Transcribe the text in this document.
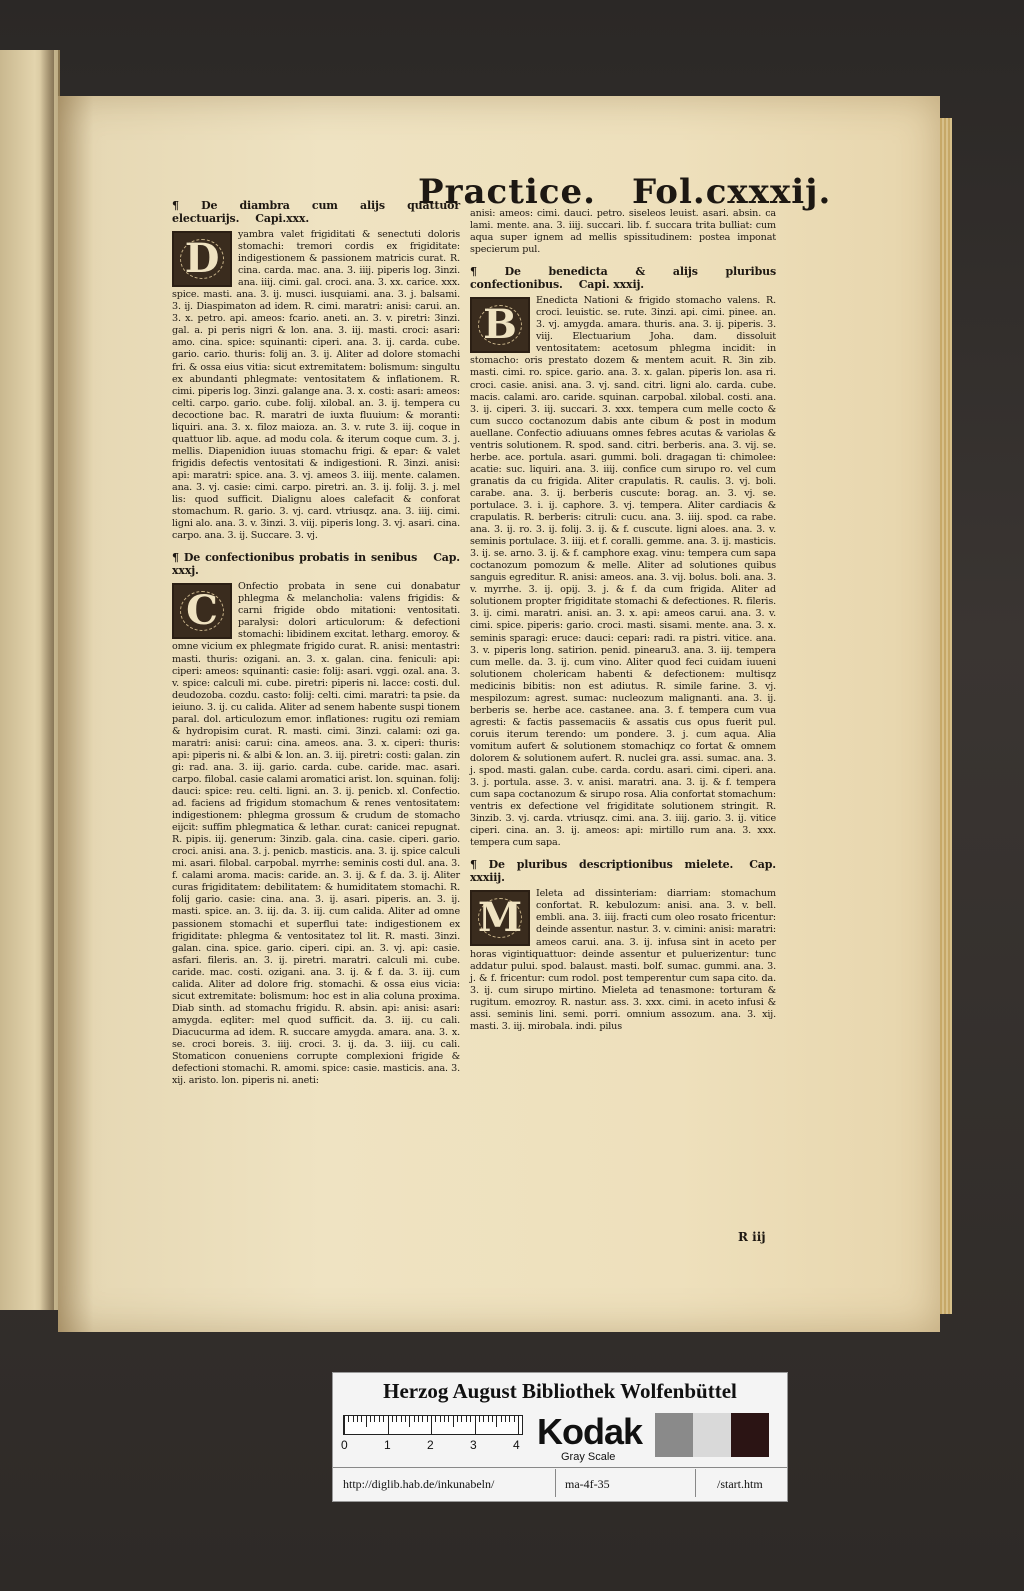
Practice. Fol.cxxxij.

¶ De diambra cum alijs quattuor electuarijs. Capi.xxx.

D
yambra valet frigiditati & senectuti doloris stomachi: tremori cordis ex frigiditate: indigestionem & passionem matricis curat. R. cina. carda. mac. ana. 3. iiij. piperis log. 3inzi. ana. iiij. cimi. gal. croci. ana. 3. xx. carice. xxx. spice. masti. ana. 3. ij. musci. iusquiami. ana. 3. j. balsami. 3. ij. Diaspimaton ad idem. R. cimi. maratri: anisi: carui. an. 3. x. petro. api. ameos: fcario. aneti. an. 3. v. piretri: 3inzi. gal. a. pi peris nigri & lon. ana. 3. iij. masti. croci: asari: amo. cina. spice: squinanti: ciperi. ana. 3. ij. carda. cube. gario. cario. thuris: folij an. 3. ij. Aliter ad dolore stomachi fri. & ossa eius vitia: sicut extremitatem: bolismum: singultu ex abundanti phlegmate: ventositatem & inflationem. R. cimi. piperis log. 3inzi. galange ana. 3. x. costi: asari: ameos: celti. carpo. gario. cube. folij. xilobal. an. 3. ij. tempera cu decoctione bac. R. maratri de iuxta fluuium: & moranti: liquiri. ana. 3. x. filoz maioza. an. 3. v. rute 3. iij. coque in quattuor lib. aque. ad modu cola. & iterum coque cum. 3. j. mellis. Diapenidion iuuas stomachu frigi. & epar: & valet frigidis defectis ventositati & indigestioni. R. 3inzi. anisi: api: maratri: spice. ana. 3. vj. ameos 3. iiij. mente. calamen. ana. 3. vj. casie: cimi. carpo. piretri. an. 3. ij. folij. 3. j. mel lis: quod sufficit. Dialignu aloes calefacit & conforat stomachum. R. gario. 3. vj. card. vtriusqz. ana. 3. iiij. cimi. ligni alo. ana. 3. v. 3inzi. 3. viij. piperis long. 3. vj. asari. cina. carpo. ana. 3. ij. Succare. 3. vj.

¶ De confectionibus probatis in senibus Cap. xxxj.

C
Onfectio probata in sene cui donabatur phlegma & melancholia: valens frigidis: & carni frigide obdo mitationi: ventositati. paralysi: dolori articulorum: & defectioni stomachi: libidinem excitat. letharg. emoroy. & omne vicium ex phlegmate frigido curat. R. anisi: mentastri: masti. thuris: ozigani. an. 3. x. galan. cina. feniculi: api: ciperi: ameos: squinanti: casie: folij: asari. vggi. ozal. ana. 3. v. spice: calculi mi. cube. piretri: piperis ni. lacce: costi. dul. deudozoba. cozdu. casto: folij: celti. cimi. maratri: ta psie. da ieiuno. 3. ij. cu calida. Aliter ad senem habente suspi tionem paral. dol. articulozum emor. inflationes: rugitu ozi remiam & hydropisim curat. R. masti. cimi. 3inzi. calami: ozi ga. maratri: anisi: carui: cina. ameos. ana. 3. x. ciperi: thuris: api: piperis ni. & albi & lon. an. 3. iij. piretri: costi: galan. zin gi: rad. ana. 3. iij. gario. carda. cube. caride. mac. asari. carpo. filobal. casie calami aromatici arist. lon. squinan. folij: dauci: spice: reu. celti. ligni. an. 3. ij. penicb. xl. Confectio. ad. faciens ad frigidum stomachum & renes ventositatem: indigestionem: phlegma grossum & crudum de stomacho eijcit: suffim phlegmatica & lethar. curat: canicei repugnat. R. pipis. iij. generum: 3inzib. gala. cina. casie. ciperi. gario. croci. anisi. ana. 3. j. penicb. masticis. ana. 3. ij. spice calculi mi. asari. filobal. carpobal. myrrhe: seminis costi dul. ana. 3. f. calami aroma. macis: caride. an. 3. ij. & f. da. 3. ij. Aliter curas frigiditatem: debilitatem: & humiditatem stomachi. R. folij gario. casie: cina. ana. 3. ij. asari. piperis. an. 3. ij. masti. spice. an. 3. iij. da. 3. iij. cum calida. Aliter ad omne passionem stomachi et superflui tate: indigestionem ex frigiditate: phlegma & ventositatez tol lit. R. masti. 3inzi. galan. cina. spice. gario. ciperi. cipi. an. 3. vj. api: casie. asfari. fileris. an. 3. ij. piretri. maratri. calculi mi. cube. caride. mac. costi. ozigani. ana. 3. ij. & f. da. 3. iij. cum calida. Aliter ad dolore frig. stomachi. & ossa eius vicia: sicut extremitate: bolismum: hoc est in alia coluna proxima. Diab sinth. ad stomachu frigidu. R. absin. api: anisi: asari: amygda. eqliter: mel quod sufficit. da. 3. iij. cu cali. Diacucurma ad idem. R. succare amygda. amara. ana. 3. x. se. croci boreis. 3. iiij. croci. 3. ij. da. 3. iiij. cu cali. Stomaticon conueniens corrupte complexioni frigide & defectioni stomachi. R. amomi. spice: casie. masticis. ana. 3. xij. aristo. lon. piperis ni. aneti:

anisi: ameos: cimi. dauci. petro. siseleos leuist. asari. absin. ca lami. mente. ana. 3. iiij. succari. lib. f. succara trita bulliat: cum aqua super ignem ad mellis spissitudinem: postea imponat specierum pul.

¶ De benedicta & alijs pluribus confectionibus. Capi. xxxij.

B
Enedicta Nationi & frigido stomacho valens. R. croci. leuistic. se. rute. 3inzi. api. cimi. pinee. an. 3. vj. amygda. amara. thuris. ana. 3. ij. piperis. 3. viij. Electuarium Joha. dam. dissoluit ventositatem: acetosum phlegma incidit: in stomacho: oris prestato dozem & mentem acuit. R. 3in zib. masti. cimi. ro. spice. gario. ana. 3. x. galan. piperis lon. asa ri. croci. casie. anisi. ana. 3. vj. sand. citri. ligni alo. carda. cube. macis. calami. aro. caride. squinan. carpobal. xilobal. costi. ana. 3. ij. ciperi. 3. iij. succari. 3. xxx. tempera cum melle cocto & cum succo coctanozum dabis ante cibum & post in modum auellane. Confectio adiuuans omnes febres acutas & variolas & ventris solutionem. R. spod. sand. citri. berberis. ana. 3. vij. se. herbe. ace. portula. asari. gummi. boli. dragagan ti: chimolee: acatie: suc. liquiri. ana. 3. iiij. confice cum sirupo ro. vel cum granatis da cu frigida. Aliter crapulatis. R. caulis. 3. vj. boli. carabe. ana. 3. ij. berberis cuscute: borag. an. 3. vj. se. portulace. 3. i. ij. caphore. 3. vj. tempera. Aliter cardiacis & crapulatis. R. berberis: citruli: cucu. ana. 3. iiij. spod. ca rabe. ana. 3. ij. ro. 3. ij. folij. 3. ij. & f. cuscute. ligni aloes. ana. 3. v. seminis portulace. 3. iiij. et f. coralli. gemme. ana. 3. ij. masticis. 3. ij. se. arno. 3. ij. & f. camphore exag. vinu: tempera cum sapa coctanozum pomozum & melle. Aliter ad solutiones quibus sanguis egreditur. R. anisi: ameos. ana. 3. vij. bolus. boli. ana. 3. v. myrrhe. 3. ij. opij. 3. j. & f. da cum frigida. Aliter ad solutionem propter frigiditate stomachi & defectiones. R. fileris. 3. ij. cimi. maratri. anisi. an. 3. x. api: ameos carui. ana. 3. v. cimi. spice. piperis: gario. croci. masti. sisami. mente. ana. 3. x. seminis sparagi: eruce: dauci: cepari: radi. ra pistri. vitice. ana. 3. v. piperis long. satirion. penid. pinearu3. ana. 3. iij. tempera cum melle. da. 3. ij. cum vino. Aliter quod feci cuidam iuueni solutionem cholericam habenti & defectionem: multisqz medicinis bibitis: non est adiutus. R. simile farine. 3. vj. mespilozum: agrest. sumac: nucleozum malignanti. ana. 3. ij. berberis se. herbe ace. castanee. ana. 3. f. tempera cum vua agresti: & factis passemaciis & assatis cus opus fuerit pul. coruis iterum terendo: um pondere. 3. j. cum aqua. Alia vomitum aufert & solutionem stomachiqz co fortat & omnem dolorem & solutionem aufert. R. nuclei gra. assi. sumac. ana. 3. j. spod. masti. galan. cube. carda. cordu. asari. cimi. ciperi. ana. 3. j. portula. asse. 3. v. anisi. maratri. ana. 3. ij. & f. tempera cum sapa coctanozum & sirupo rosa. Alia confortat stomachum: ventris ex defectione vel frigiditate solutionem stringit. R. 3inzib. 3. vj. carda. vtriusqz. cimi. ana. 3. iiij. gario. 3. ij. vitice ciperi. cina. an. 3. ij. ameos: api: mirtillo rum ana. 3. xxx. tempera cum sapa.

¶ De pluribus descriptionibus mielete. Cap. xxxiij.

M
Ieleta ad dissinteriam: diarriam: stomachum confortat. R. kebulozum: anisi. ana. 3. v. bell. embli. ana. 3. iiij. fracti cum oleo rosato fricentur: deinde assentur. nastur. 3. v. cimini: anisi: maratri: ameos carui. ana. 3. ij. infusa sint in aceto per horas vigintiquattuor: deinde assentur et puluerizentur: tunc addatur pului. spod. balaust. masti. bolf. sumac. gummi. ana. 3. j. & f. fricentur: cum rodol. post temperentur cum sapa cito. da. 3. ij. cum sirupo mirtino. Mieleta ad tenasmone: torturam & rugitum. emozroy. R. nastur. ass. 3. xxx. cimi. in aceto infusi & assi. seminis lini. semi. porri. omnium assozum. ana. 3. xij. masti. 3. iij. mirobala. indi. pilus

R iij
Herzog August Bibliothek Wolfenbüttel
0	1	2	3	4 Kodak
Gray Scale
http://diglib.hab.de/inkunabeln/	ma-4f-35	/start.htm
